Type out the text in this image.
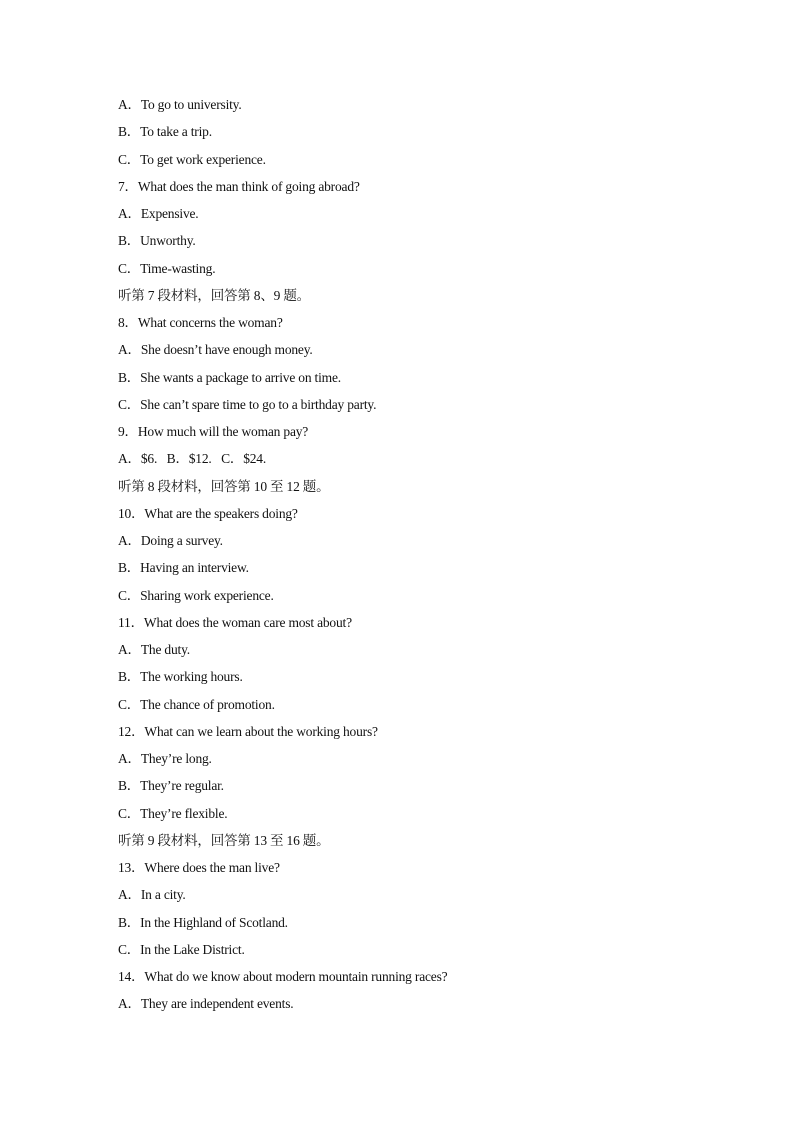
A．To go to university.
B．To take a trip.
C．To get work experience.
7．What does the man think of going abroad?
A．Expensive.
B．Unworthy.
C．Time-wasting.
听第 7 段材料，回答第 8、9 题。
8．What concerns the woman?
A．She doesn’t have enough money.
B．She wants a package to arrive on time.
C．She can’t spare time to go to a birthday party.
9．How much will the woman pay?
A．$6.   B．$12.   C．$24.
听第 8 段材料，回答第 10 至 12 题。
10．What are the speakers doing?
A．Doing a survey.
B．Having an interview.
C．Sharing work experience.
11．What does the woman care most about?
A．The duty.
B．The working hours.
C．The chance of promotion.
12．What can we learn about the working hours?
A．They’re long.
B．They’re regular.
C．They’re flexible.
听第 9 段材料，回答第 13 至 16 题。
13．Where does the man live?
A．In a city.
B．In the Highland of Scotland.
C．In the Lake District.
14．What do we know about modern mountain running races?
A．They are independent events.
